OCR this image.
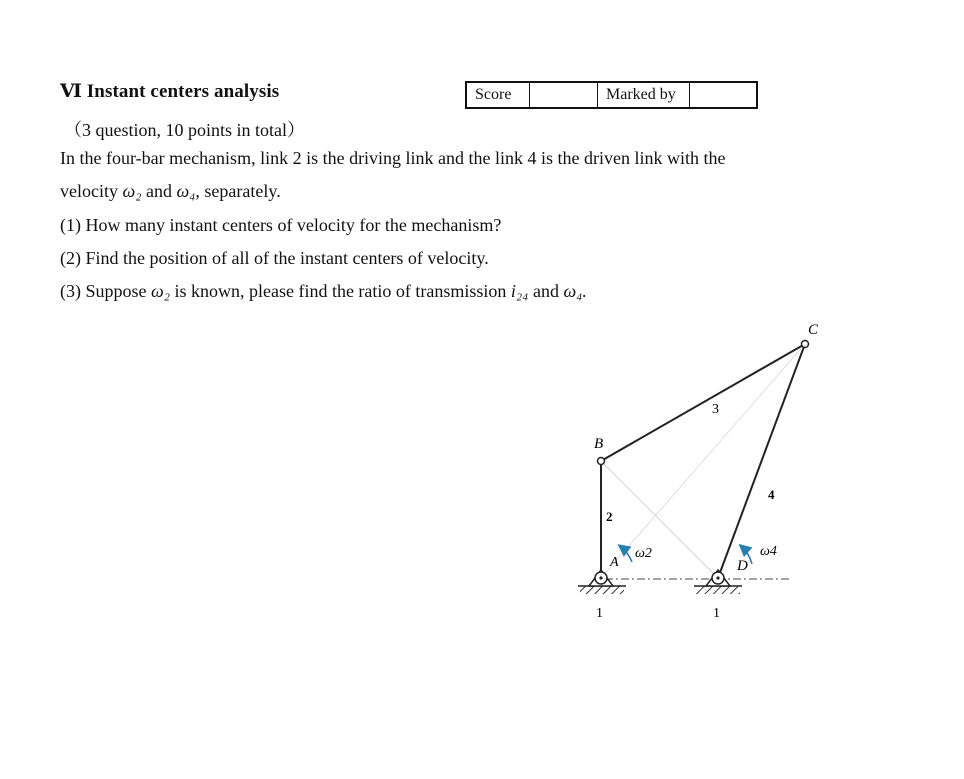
Ⅵ Instant centers analysis	Score	Marked by
（3 question, 10 points in total）
In the four-bar mechanism, link 2 is the driving link and the link 4 is the driven link with the
velocity ω₂ and ω₄, separately.
(1) How many instant centers of velocity for the mechanism?
(2) Find the position of all of the instant centers of velocity.
(3) Suppose ω₂ is known, please find the ratio of transmission i₂₄ and ω₄.
B
C
A	D
2
3
4
1	1
ω2	ω4
